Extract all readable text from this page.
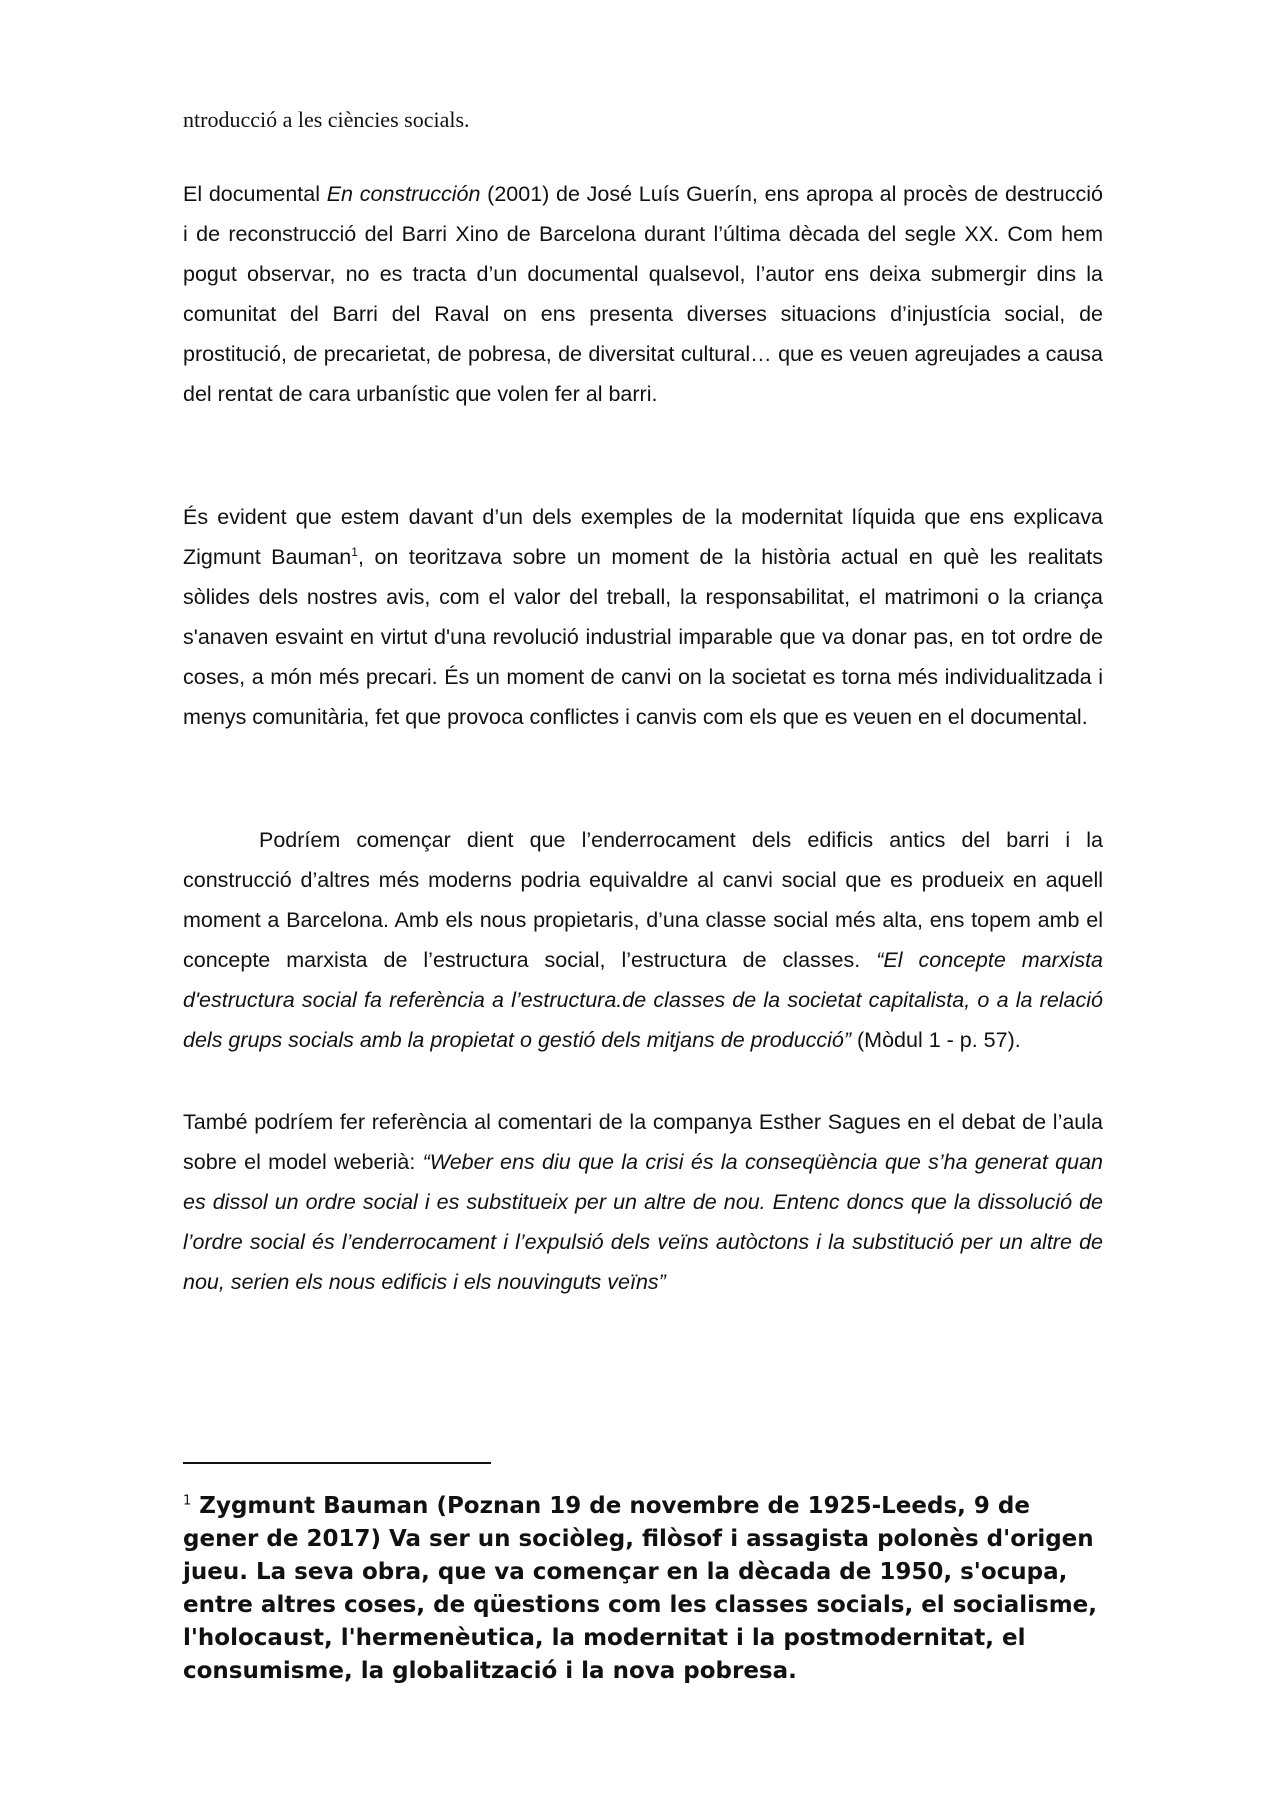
ntroducció a les ciències socials.

El documental En construcción (2001) de José Luís Guerín, ens apropa al procès de destrucció i de reconstrucció del Barri Xino de Barcelona durant l’última dècada del segle XX. Com hem pogut observar, no es tracta d’un documental qualsevol, l’autor ens deixa submergir dins la comunitat del Barri del Raval on ens presenta diverses situacions d’injustícia social, de prostitució, de precarietat, de pobresa, de diversitat cultural… que es veuen agreujades a causa del rentat de cara urbanístic que volen fer al barri.

És evident que estem davant d’un dels exemples de la modernitat líquida que ens explicava Zigmunt Bauman$^1$, on teoritzava sobre un moment de la història actual en què les realitats sòlides dels nostres avis, com el valor del treball, la responsabilitat, el matrimoni o la criança s'anaven esvaint en virtut d'una revolució industrial imparable que va donar pas, en tot ordre de coses, a món més precari. És un moment de canvi on la societat es torna més individualitzada i menys comunitària, fet que provoca conflictes i canvis com els que es veuen en el documental.

Podríem començar dient que l’enderrocament dels edificis antics del barri i la construcció d’altres més moderns podria equivaldre al canvi social que es produeix en aquell moment a Barcelona. Amb els nous propietaris, d’una classe social més alta, ens topem amb el concepte marxista de l’estructura social, l’estructura de classes. “El concepte marxista d'estructura social fa referència a l’estructura.de classes de la societat capitalista, o a la relació dels grups socials amb la propietat o gestió dels mitjans de producció” (Mòdul 1 - p. 57).

També podríem fer referència al comentari de la companya Esther Sagues en el debat de l’aula sobre el model weberià: “Weber ens diu que la crisi és la conseqüència que s’ha generat quan es dissol un ordre social i es substitueix per un altre de nou. Entenc doncs que la dissolució de l’ordre social és l’enderrocament i l’expulsió dels veïns autòctons i la substitució per un altre de nou, serien els nous edificis i els nouvinguts veïns”

$^1$ Zygmunt Bauman (Poznan 19 de novembre de 1925-Leeds, 9 de gener de 2017) Va ser un sociòleg, filòsof i assagista polonès d'origen jueu. La seva obra, que va començar en la dècada de 1950, s'ocupa, entre altres coses, de qüestions com les classes socials, el socialisme, l'holocaust, l'hermenèutica, la modernitat i la postmodernitat, el consumisme, la globalització i la nova pobresa.
